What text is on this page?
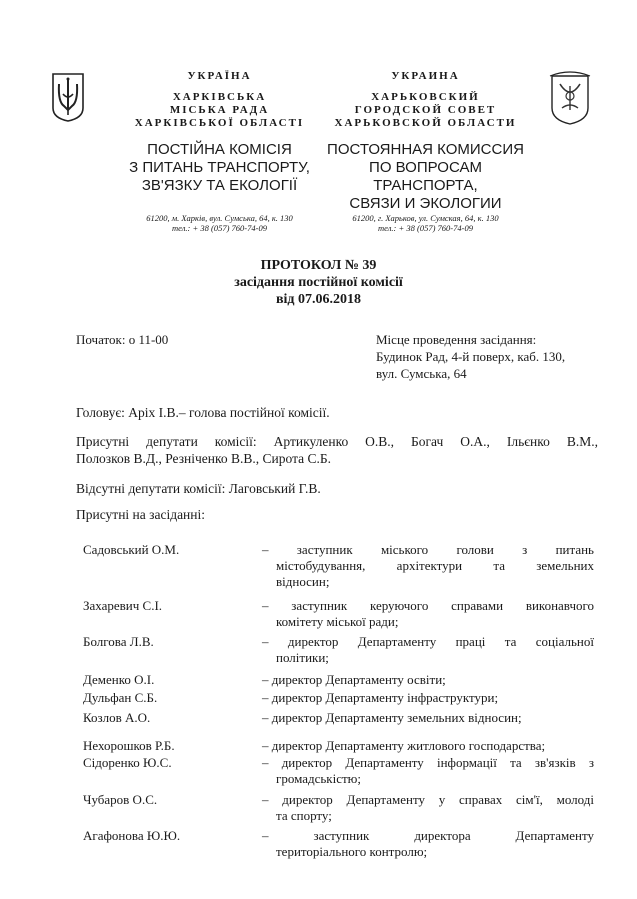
УКРАЇНА
ХАРКІВСЬКА
МІСЬКА РАДА
ХАРКІВСЬКОЇ ОБЛАСТІ
ПОСТІЙНА КОМІСІЯ
З ПИТАНЬ ТРАНСПОРТУ,
ЗВ'ЯЗКУ ТА ЕКОЛОГІЇ
61200, м. Харків, вул. Сумська, 64, к. 130
тел.: + 38 (057) 760-74-09
УКРАИНА
ХАРЬКОВСКИЙ
ГОРОДСКОЙ СОВЕТ
ХАРЬКОВСКОЙ ОБЛАСТИ
ПОСТОЯННАЯ КОМИССИЯ
ПО ВОПРОСАМ ТРАНСПОРТА,
СВЯЗИ И ЭКОЛОГИИ
61200, г. Харьков, ул. Сумская, 64, к. 130
тел.: + 38 (057) 760-74-09
ПРОТОКОЛ № 39
засідання постійної комісії
від 07.06.2018
Початок: о 11-00	Місце проведення засідання:
Будинок Рад, 4-й поверх, каб. 130,
вул. Сумська, 64
Головує: Аріх І.В.– голова постійної комісії.
Присутні депутати комісії: Артикуленко О.В., Богач О.А., Ільєнко В.М.,
Полозков В.Д., Резніченко В.В., Сирота С.Б.
Відсутні депутати комісії: Лаговський Г.В.
Присутні на засіданні:
Садовський О.М.	– заступник міського голови з питань
містобудування, архітектури та земельних
відносин;
Захаревич С.І.	– заступник керуючого справами виконавчого
комітету міської ради;
Болгова Л.В.	– директор Департаменту праці та соціальної
політики;
Деменко О.І.	– директор Департаменту освіти;
Дульфан С.Б.	– директор Департаменту інфраструктури;
Козлов А.О.	– директор Департаменту земельних відносин;
Нехорошков Р.Б.	– директор Департаменту житлового господарства;
Сідоренко Ю.С.	– директор Департаменту інформації та зв'язків з
громадськістю;
Чубаров О.С.	– директор Департаменту у справах сім'ї, молоді
та спорту;
Агафонова Ю.Ю.	– заступник директора Департаменту
територіального контролю;
